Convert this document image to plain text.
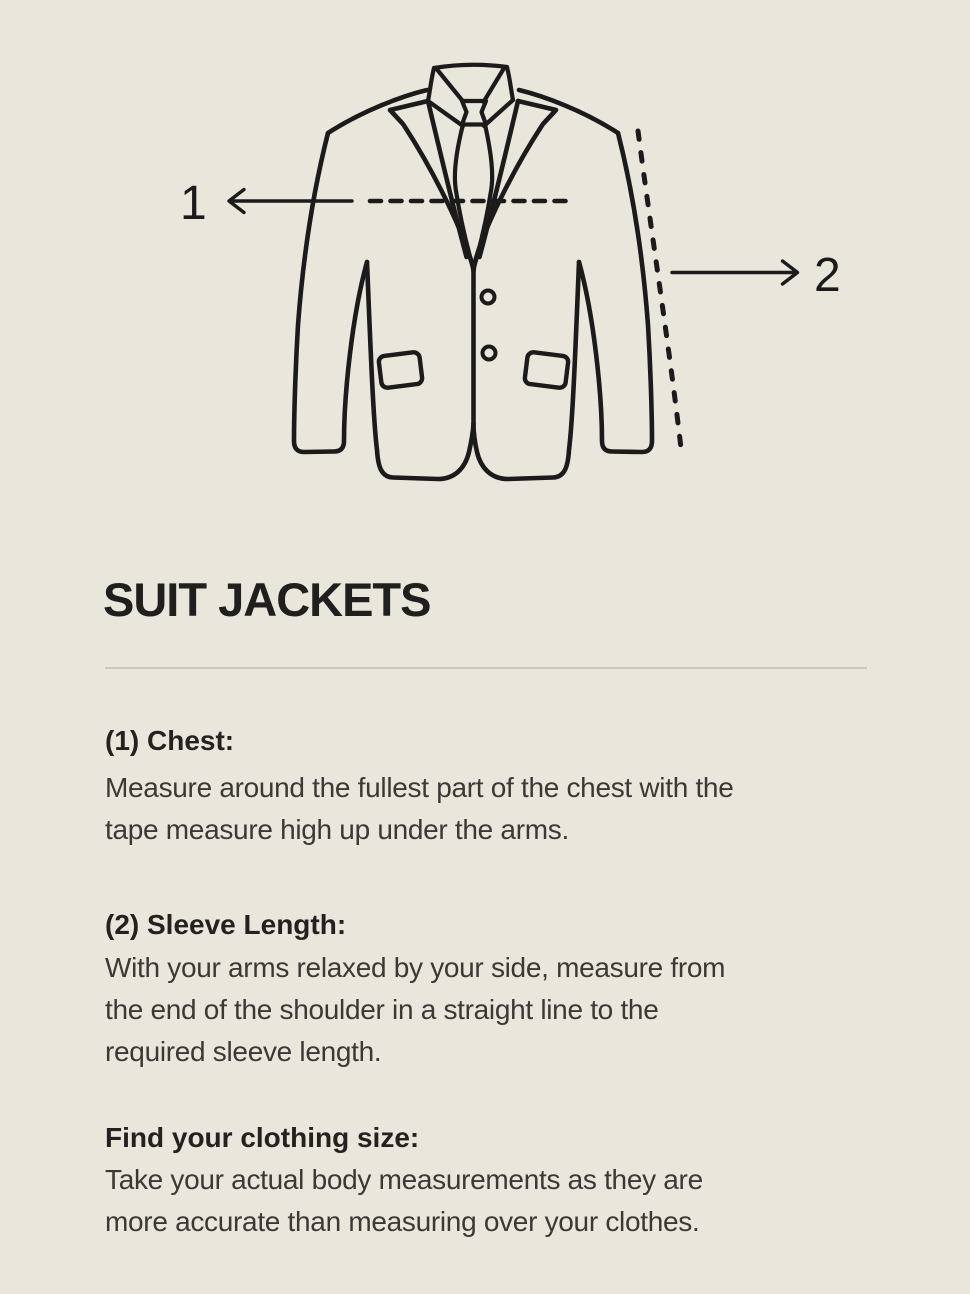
1
2
SUIT JACKETS
(1) Chest:
Measure around the fullest part of the chest with the
tape measure high up under the arms.
(2) Sleeve Length:
With your arms relaxed by your side, measure from
the end of the shoulder in a straight line to the
required sleeve length.
Find your clothing size:
Take your actual body measurements as they are
more accurate than measuring over your clothes.
